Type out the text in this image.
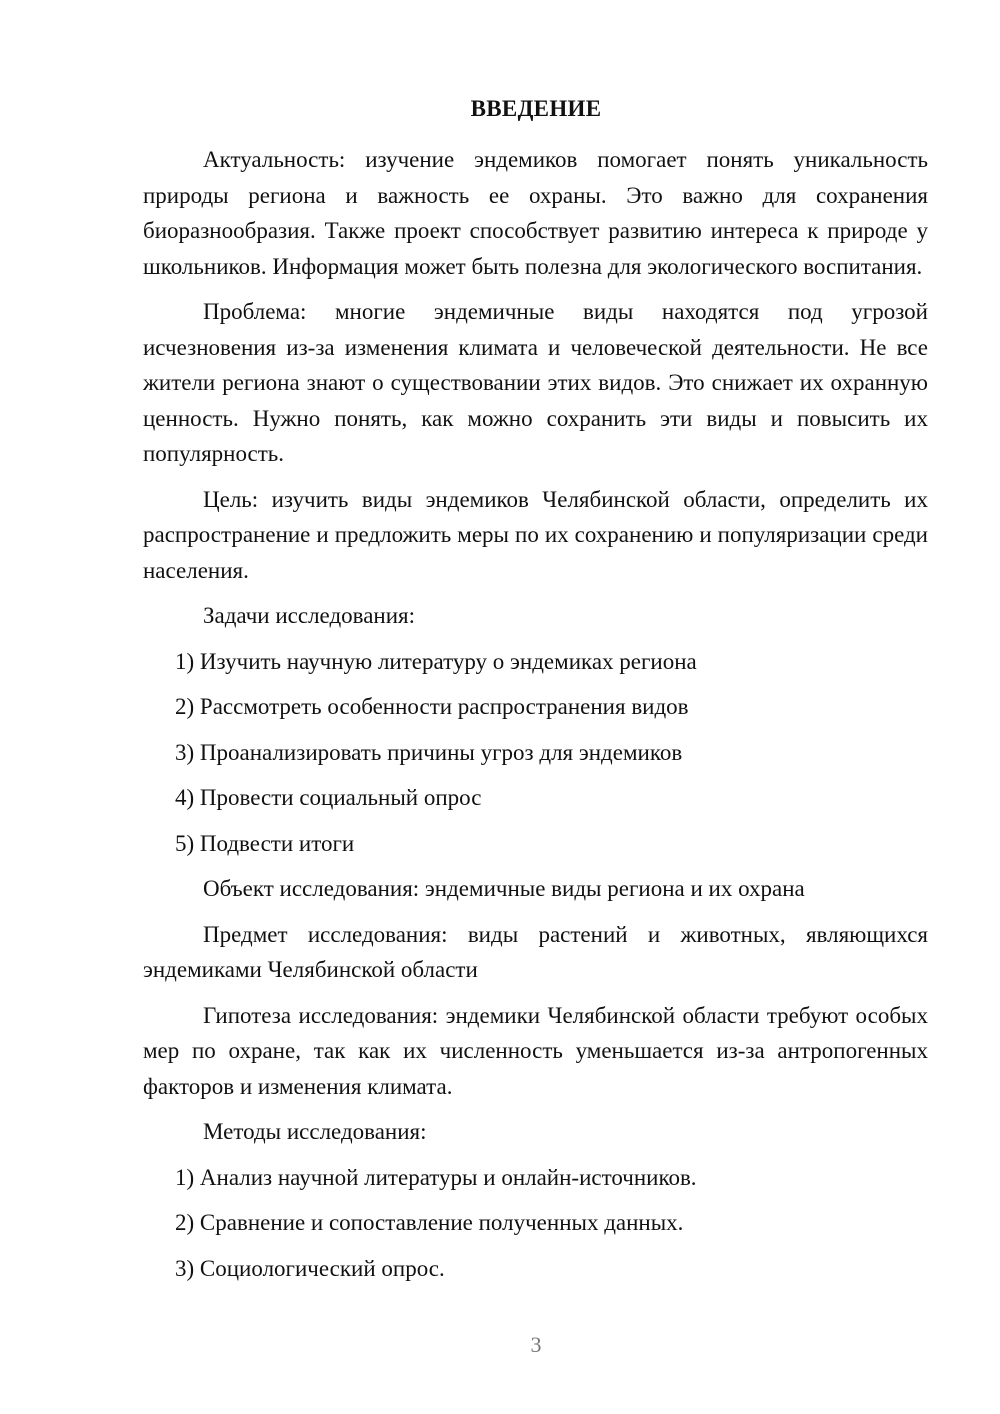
ВВЕДЕНИЕ

Актуальность: изучение эндемиков помогает понять уникальность природы региона и важность ее охраны. Это важно для сохранения биоразнообразия. Также проект способствует развитию интереса к природе у школьников. Информация может быть полезна для экологического воспитания.

Проблема: многие эндемичные виды находятся под угрозой исчезновения из-за изменения климата и человеческой деятельности. Не все жители региона знают о существовании этих видов. Это снижает их охранную ценность. Нужно понять, как можно сохранить эти виды и повысить их популярность.

Цель: изучить виды эндемиков Челябинской области, определить их распространение и предложить меры по их сохранению и популяризации среди населения.

Задачи исследования:

1) Изучить научную литературу о эндемиках региона

2) Рассмотреть особенности распространения видов

3) Проанализировать причины угроз для эндемиков

4) Провести социальный опрос

5) Подвести итоги

Объект исследования: эндемичные виды региона и их охрана

Предмет исследования: виды растений и животных, являющихся эндемиками Челябинской области

Гипотеза исследования: эндемики Челябинской области требуют особых мер по охране, так как их численность уменьшается из-за антропогенных факторов и изменения климата.

Методы исследования:

1) Анализ научной литературы и онлайн-источников.

2) Сравнение и сопоставление полученных данных.

3) Социологический опрос.

3
